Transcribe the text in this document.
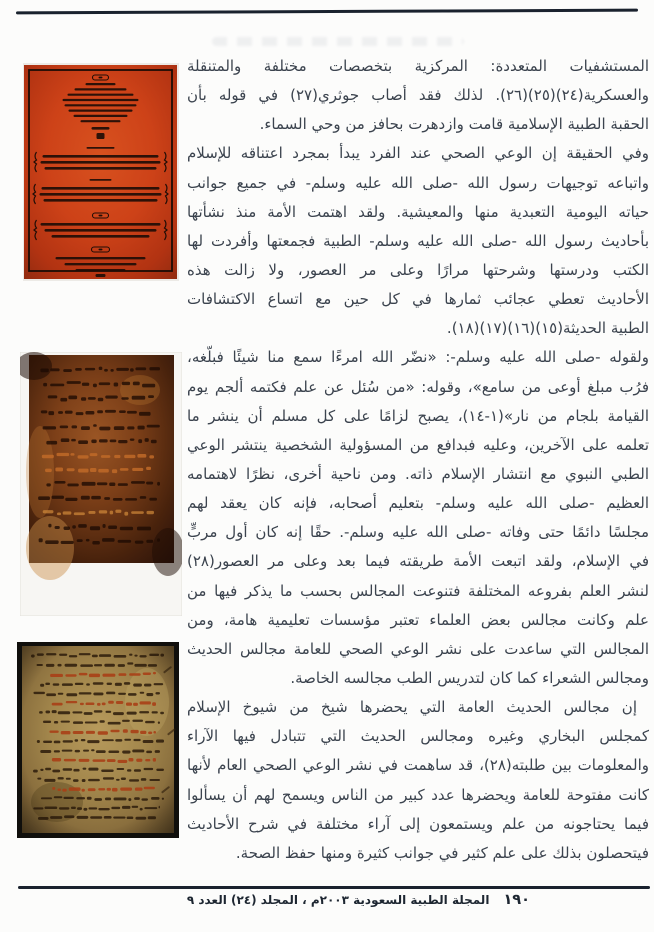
المستشفيات المتعددة: المركزية بتخصصات مختلفة والمتنقلة
والعسكرية(٢٤)(٢٥)(٢٦). لذلك فقد أصاب جوثري(٢٧) في قوله بأن
الحقبة الطبية الإسلامية قامت وازدهرت بحافز من وحي السماء.
وفي الحقيقة إن الوعي الصحي عند الفرد يبدأ بمجرد اعتناقه للإسلام
واتباعه توجيهات رسول الله -صلى الله عليه وسلم- في جميع جوانب
حياته اليومية التعبدية منها والمعيشية. ولقد اهتمت الأمة منذ نشأتها
بأحاديث رسول الله -صلى الله عليه وسلم- الطبية فجمعتها وأفردت لها
الكتب ودرستها وشرحتها مرارًا وعلى مر العصور، ولا زالت هذه
الأحاديث تعطي عجائب ثمارها في كل حين مع اتساع الاكتشافات
الطبية الحديثة(١٥)(١٦)(١٧)(١٨).
ولقوله -صلى الله عليه وسلم-: «نضّر الله امرءًا سمع منا شيئًا فبلّغه،
فرُب مبلغ أوعى من سامع»، وقوله: «من سُئل عن علم فكتمه ألجم يوم
القيامة بلجام من نار»(١-١٤)، يصبح لزامًا على كل مسلم أن ينشر ما
تعلمه على الآخرين، وعليه فبدافع من المسؤولية الشخصية ينتشر الوعي
الطبي النبوي مع انتشار الإسلام ذاته. ومن ناحية أخرى، نظرًا لاهتمامه
العظيم -صلى الله عليه وسلم- بتعليم أصحابه، فإنه كان يعقد لهم
مجلسًا دائمًا حتى وفاته -صلى الله عليه وسلم-. حقًا إنه كان أول مربٍّ
في الإسلام، ولقد اتبعت الأمة طريقته فيما بعد وعلى مر العصور(٢٨)
لنشر العلم بفروعه المختلفة فتنوعت المجالس بحسب ما يذكر فيها من
علم وكانت مجالس بعض العلماء تعتبر مؤسسات تعليمية هامة، ومن
المجالس التي ساعدت على نشر الوعي الصحي للعامة مجالس الحديث
ومجالس الشعراء كما كان لتدريس الطب مجالسه الخاصة.
إن مجالس الحديث العامة التي يحضرها شيخ من شيوخ الإسلام
كمجلس البخاري وغيره ومجالس الحديث التي تتبادل فيها الآراء
والمعلومات بين طلبته(٢٨)، قد ساهمت في نشر الوعي الصحي العام لأنها
كانت مفتوحة للعامة ويحضرها عدد كبير من الناس ويسمح لهم أن يسألوا
فيما يحتاجونه من علم ويستمعون إلى آراء مختلفة في شرح الأحاديث
فيتحصلون بذلك على علم كثير في جوانب كثيرة ومنها حفظ الصحة.
١٩٠
المجلة الطبية السعودية ٢٠٠٣م ، المجلد (٢٤) العدد ٩
